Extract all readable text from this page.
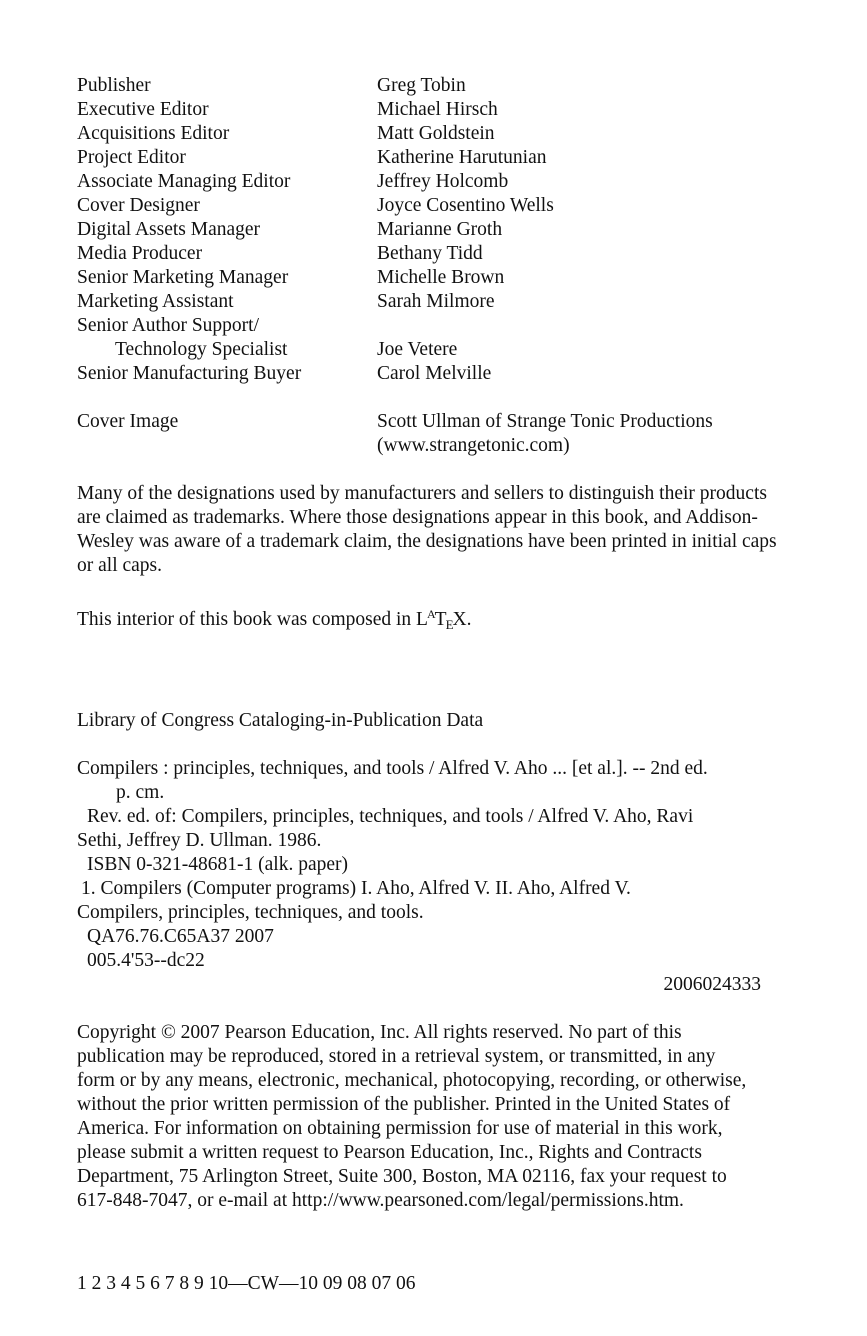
Publisher	Greg Tobin
Executive Editor	Michael Hirsch
Acquisitions Editor	Matt Goldstein
Project Editor	Katherine Harutunian
Associate Managing Editor	Jeffrey Holcomb
Cover Designer	Joyce Cosentino Wells
Digital Assets Manager	Marianne Groth
Media Producer	Bethany Tidd
Senior Marketing Manager	Michelle Brown
Marketing Assistant	Sarah Milmore
Senior Author Support/
Technology Specialist	Joe Vetere
Senior Manufacturing Buyer	Carol Melville
Cover Image	Scott Ullman of Strange Tonic Productions
(www.strangetonic.com)

Many of the designations used by manufacturers and sellers to distinguish their products are claimed as trademarks. Where those designations appear in this book, and Addison-Wesley was aware of a trademark claim, the designations have been printed in initial caps or all caps.

This interior of this book was composed in $L^AT_EX$.

Library of Congress Cataloging-in-Publication Data
Compilers : principles, techniques, and tools / Alfred V. Aho ... [et al.]. -- 2nd ed.
p. cm.
Rev. ed. of: Compilers, principles, techniques, and tools / Alfred V. Aho, Ravi
Sethi, Jeffrey D. Ullman. 1986.
ISBN 0-321-48681-1 (alk. paper)
1. Compilers (Computer programs) I. Aho, Alfred V. II. Aho, Alfred V.
Compilers, principles, techniques, and tools.
QA76.76.C65A37 2007
005.4'53--dc22
2006024333

Copyright © 2007 Pearson Education, Inc. All rights reserved. No part of this publication may be reproduced, stored in a retrieval system, or transmitted, in any form or by any means, electronic, mechanical, photocopying, recording, or otherwise, without the prior written permission of the publisher. Printed in the United States of America. For information on obtaining permission for use of material in this work, please submit a written request to Pearson Education, Inc., Rights and Contracts Department, 75 Arlington Street, Suite 300, Boston, MA 02116, fax your request to 617-848-7047, or e-mail at http://www.pearsoned.com/legal/permissions.htm.

1 2 3 4 5 6 7 8 9 10—CW—10 09 08 07 06
